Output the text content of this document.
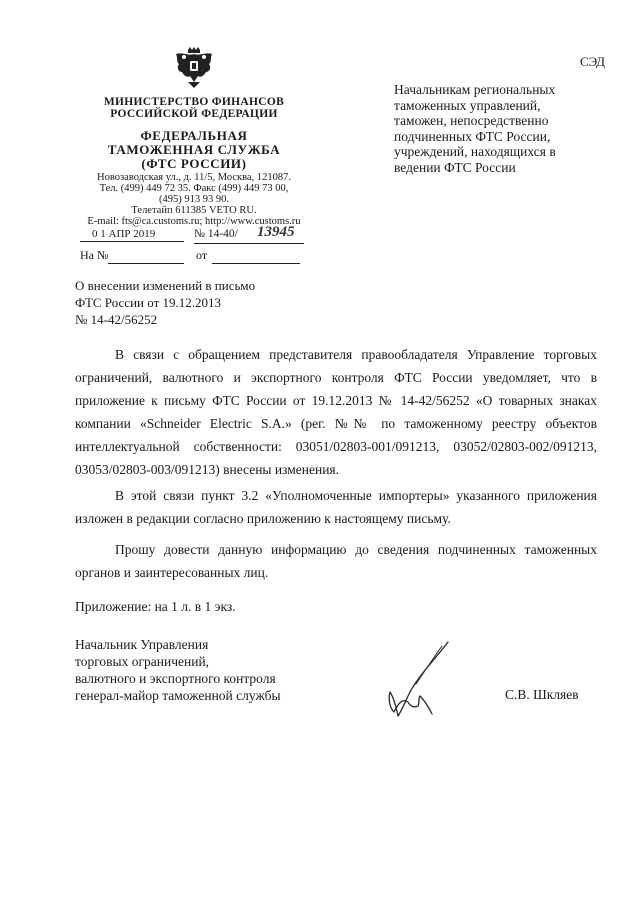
СЭД
МИНИСТЕРСТВО ФИНАНСОВ
РОССИЙСКОЙ ФЕДЕРАЦИИ
ФЕДЕРАЛЬНАЯ
ТАМОЖЕННАЯ СЛУЖБА
(ФТС РОССИИ)
Новозаводская ул., д. 11/5, Москва, 121087.
Тел. (499) 449 72 35. Факс (499) 449 73 00,
(495) 913 93 90.
Телетайп 611385 VETO RU.
E-mail: fts@ca.customs.ru; http://www.customs.ru
0 1 АПР 2019	№ 14-40/ 13945
На №	от
Начальникам региональных
таможенных управлений,
таможен, непосредственно
подчиненных ФТС России,
учреждений, находящихся в
ведении ФТС России
О внесении изменений в письмо
ФТС России от 19.12.2013
№ 14-42/56252

В связи с обращением представителя правообладателя Управление торговых ограничений, валютного и экспортного контроля ФТС России уведомляет, что в приложение к письму ФТС России от 19.12.2013 № 14-42/56252 «О товарных знаках компании «Schneider Electric S.A.» (рег. №№ по таможенному реестру объектов интеллектуальной собственности: 03051/02803-001/091213, 03052/02803-002/091213, 03053/02803-003/091213) внесены изменения.

В этой связи пункт 3.2 «Уполномоченные импортеры» указанного приложения изложен в редакции согласно приложению к настоящему письму.

Прошу довести данную информацию до сведения подчиненных таможенных органов и заинтересованных лиц.

Приложение: на 1 л. в 1 экз.
Начальник Управления
торговых ограничений,
валютного и экспортного контроля
генерал-майор таможенной службы	С.В. Шкляев
